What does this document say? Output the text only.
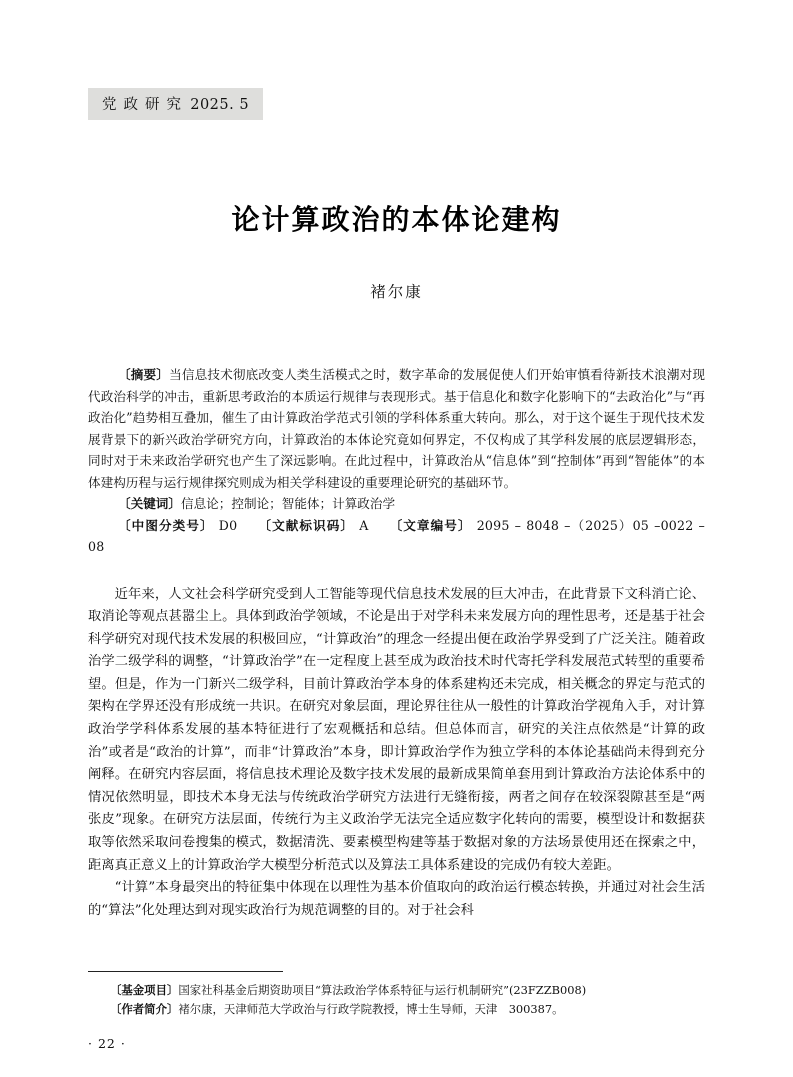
党 政 研 究 2025. 5
论计算政治的本体论建构
褚尔康

〔摘要〕当信息技术彻底改变人类生活模式之时，数字革命的发展促使人们开始审慎看待新技术浪潮对现代政治科学的冲击，重新思考政治的本质运行规律与表现形式。基于信息化和数字化影响下的“去政治化”与“再政治化”趋势相互叠加，催生了由计算政治学范式引领的学科体系重大转向。那么，对于这个诞生于现代技术发展背景下的新兴政治学研究方向，计算政治的本体论究竟如何界定，不仅构成了其学科发展的底层逻辑形态，同时对于未来政治学研究也产生了深远影响。在此过程中，计算政治从“信息体”到“控制体”再到“智能体”的本体建构历程与运行规律探究则成为相关学科建设的重要理论研究的基础环节。

〔关键词〕信息论；控制论；智能体；计算政治学

〔中图分类号〕 D0 〔文献标识码〕 A 〔文章编号〕 2095 – 8048 –（2025）05 –0022 –08

近年来，人文社会科学研究受到人工智能等现代信息技术发展的巨大冲击，在此背景下文科消亡论、取消论等观点甚嚣尘上。具体到政治学领域，不论是出于对学科未来发展方向的理性思考，还是基于社会科学研究对现代技术发展的积极回应，“计算政治”的理念一经提出便在政治学界受到了广泛关注。随着政治学二级学科的调整，“计算政治学”在一定程度上甚至成为政治技术时代寄托学科发展范式转型的重要希望。但是，作为一门新兴二级学科，目前计算政治学本身的体系建构还未完成，相关概念的界定与范式的架构在学界还没有形成统一共识。在研究对象层面，理论界往往从一般性的计算政治学视角入手，对计算政治学学科体系发展的基本特征进行了宏观概括和总结。但总体而言，研究的关注点依然是“计算的政治”或者是“政治的计算”，而非“计算政治”本身，即计算政治学作为独立学科的本体论基础尚未得到充分阐释。在研究内容层面，将信息技术理论及数字技术发展的最新成果简单套用到计算政治方法论体系中的情况依然明显，即技术本身无法与传统政治学研究方法进行无缝衔接，两者之间存在较深裂隙甚至是“两张皮”现象。在研究方法层面，传统行为主义政治学无法完全适应数字化转向的需要，模型设计和数据获取等依然采取问卷搜集的模式，数据清洗、要素模型构建等基于数据对象的方法场景使用还在探索之中，距离真正意义上的计算政治学大模型分析范式以及算法工具体系建设的完成仍有较大差距。

“计算”本身最突出的特征集中体现在以理性为基本价值取向的政治运行模态转换，并通过对社会生活的“算法”化处理达到对现实政治行为规范调整的目的。对于社会科

〔基金项目〕国家社科基金后期资助项目“算法政治学体系特征与运行机制研究”(23FZZB008)
〔作者简介〕褚尔康，天津师范大学政治与行政学院教授，博士生导师，天津　300387。
· 22 ·
